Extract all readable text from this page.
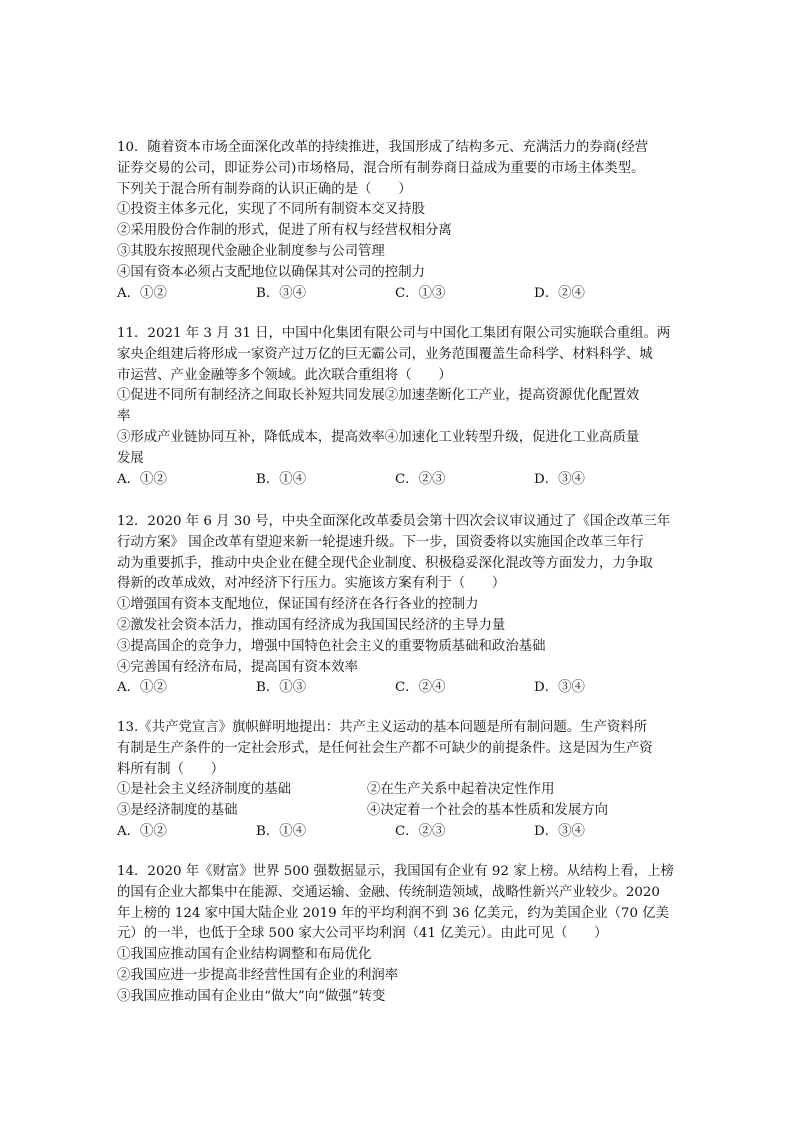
10．随着资本市场全面深化改革的持续推进，我国形成了结构多元、充满活力的券商(经营
证券交易的公司，即证券公司)市场格局，混合所有制券商日益成为重要的市场主体类型。
下列关于混合所有制券商的认识正确的是（　　）
①投资主体多元化，实现了不同所有制资本交叉持股
②采用股份合作制的形式，促进了所有权与经营权相分离
③其股东按照现代金融企业制度参与公司管理
④国有资本必须占支配地位以确保其对公司的控制力
A．①②	B．③④	C．①③	D．②④
11．2021 年 3 月 31 日，中国中化集团有限公司与中国化工集团有限公司实施联合重组。两
家央企组建后将形成一家资产过万亿的巨无霸公司，业务范围覆盖生命科学、材料科学、城
市运营、产业金融等多个领域。此次联合重组将（　　）
①促进不同所有制经济之间取长补短共同发展②加速垄断化工产业，提高资源优化配置效
率
③形成产业链协同互补，降低成本，提高效率④加速化工业转型升级，促进化工业高质量
发展
A．①②	B．①④	C．②③	D．③④
12．2020 年 6 月 30 号，中央全面深化改革委员会第十四次会议审议通过了《国企改革三年
行动方案》 国企改革有望迎来新一轮提速升级。下一步，国资委将以实施国企改革三年行
动为重要抓手，推动中央企业在健全现代企业制度、积极稳妥深化混改等方面发力，力争取
得新的改革成效，对冲经济下行压力。实施该方案有利于（　　）
①增强国有资本支配地位，保证国有经济在各行各业的控制力
②激发社会资本活力，推动国有经济成为我国国民经济的主导力量
③提高国企的竞争力，增强中国特色社会主义的重要物质基础和政治基础
④完善国有经济布局，提高国有资本效率
A．①②	B．①③	C．②④	D．③④
13.《共产党宣言》旗帜鲜明地提出：共产主义运动的基本问题是所有制问题。生产资料所
有制是生产条件的一定社会形式，是任何社会生产都不可缺少的前提条件。这是因为生产资
料所有制（　　）
①是社会主义经济制度的基础	②在生产关系中起着决定性作用
③是经济制度的基础	④决定着一个社会的基本性质和发展方向
A．①②	B．①④	C．②③	D．③④
14．2020 年《财富》世界 500 强数据显示，我国国有企业有 92 家上榜。从结构上看，上榜
的国有企业大都集中在能源、交通运输、金融、传统制造领域，战略性新兴产业较少。2020
年上榜的 124 家中国大陆企业 2019 年的平均利润不到 36 亿美元，约为美国企业（70 亿美
元）的一半，也低于全球 500 家大公司平均利润（41 亿美元）。由此可见（　　）
①我国应推动国有企业结构调整和布局优化
②我国应进一步提高非经营性国有企业的利润率
③我国应推动国有企业由“做大”向“做强”转变
